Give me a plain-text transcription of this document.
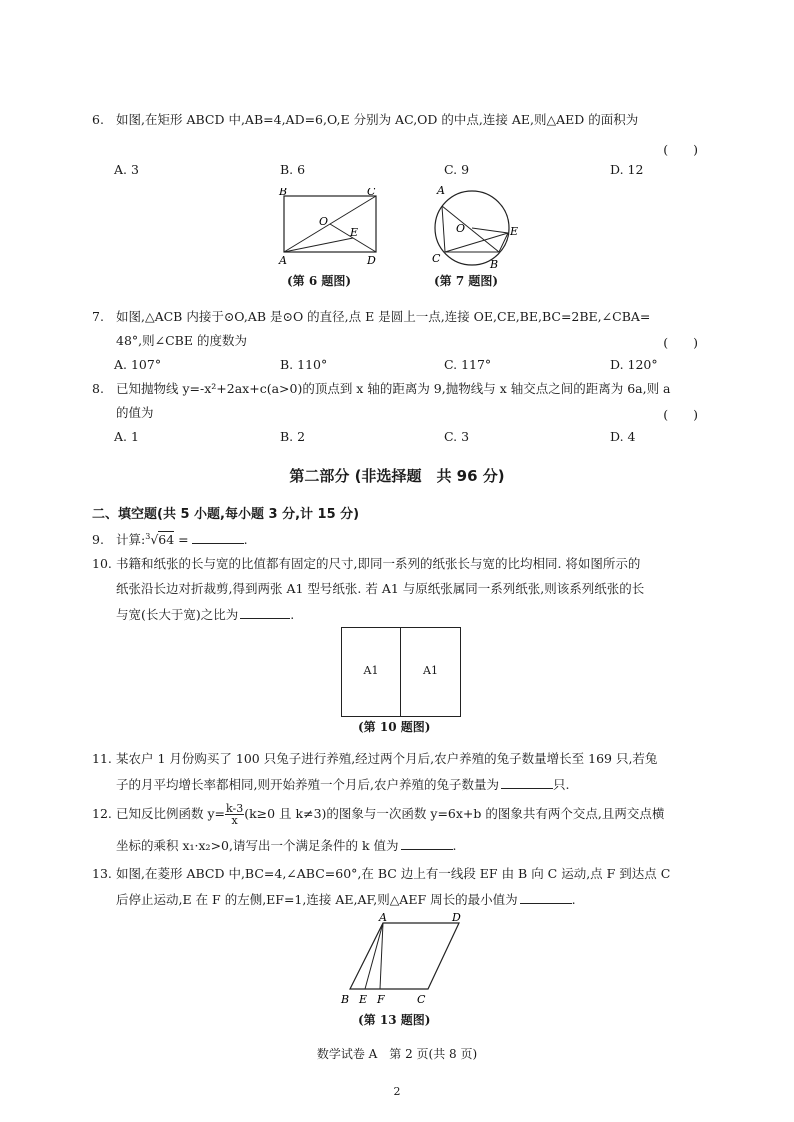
6. 如图,在矩形 ABCD 中,AB=4,AD=6,O,E 分别为 AC,OD 的中点,连接 AE,则△AED 的面积为
(　　)
A. 3	B. 6	C. 9	D. 12
B	C
O
E
A	D
(第 6 题图)
A
O	E
C	B
(第 7 题图)
7. 如图,△ACB 内接于⊙O,AB 是⊙O 的直径,点 E 是圆上一点,连接 OE,CE,BE,BC=2BE,∠CBA=
48°,则∠CBE 的度数为	(　　)
A. 107°	B. 110°	C. 117°	D. 120°
8. 已知抛物线 y=-x²+2ax+c(a>0)的顶点到 x 轴的距离为 9,抛物线与 x 轴交点之间的距离为 6a,则 a
的值为	(　　)
A. 1	B. 2	C. 3	D. 4
第二部分 (非选择题　共 96 分)
二、填空题(共 5 小题,每小题 3 分,计 15 分)
9. 计算:$^3$√64 =	.
10. 书籍和纸张的长与宽的比值都有固定的尺寸,即同一系列的纸张长与宽的比均相同. 将如图所示的
纸张沿长边对折裁剪,得到两张 A1 型号纸张. 若 A1 与原纸张属同一系列纸张,则该系列纸张的长
与宽(长大于宽)之比为	.
A1	A1
(第 10 题图)
11. 某农户 1 月份购买了 100 只兔子进行养殖,经过两个月后,农户养殖的兔子数量增长至 169 只,若兔
子的月平均增长率都相同,则开始养殖一个月后,农户养殖的兔子数量为	只.
12. 已知反比例函数 $y= \frac{k-3}{x} (k\ge 0$ 且 k≠3)的图象与一次函数 y=6x+b 的图象共有两个交点,且两交点横
坐标的乘积 x₁·x₂>0,请写出一个满足条件的 k 值为	.
13. 如图,在菱形 ABCD 中,BC=4,∠ABC=60°,在 BC 边上有一线段 EF 由 B 向 C 运动,点 F 到达点 C
后停止运动,E 在 F 的左侧,EF=1,连接 AE,AF,则△AEF 周长的最小值为	.
A	D
B E F	C
(第 13 题图)
数学试卷 A　第 2 页(共 8 页)
2
